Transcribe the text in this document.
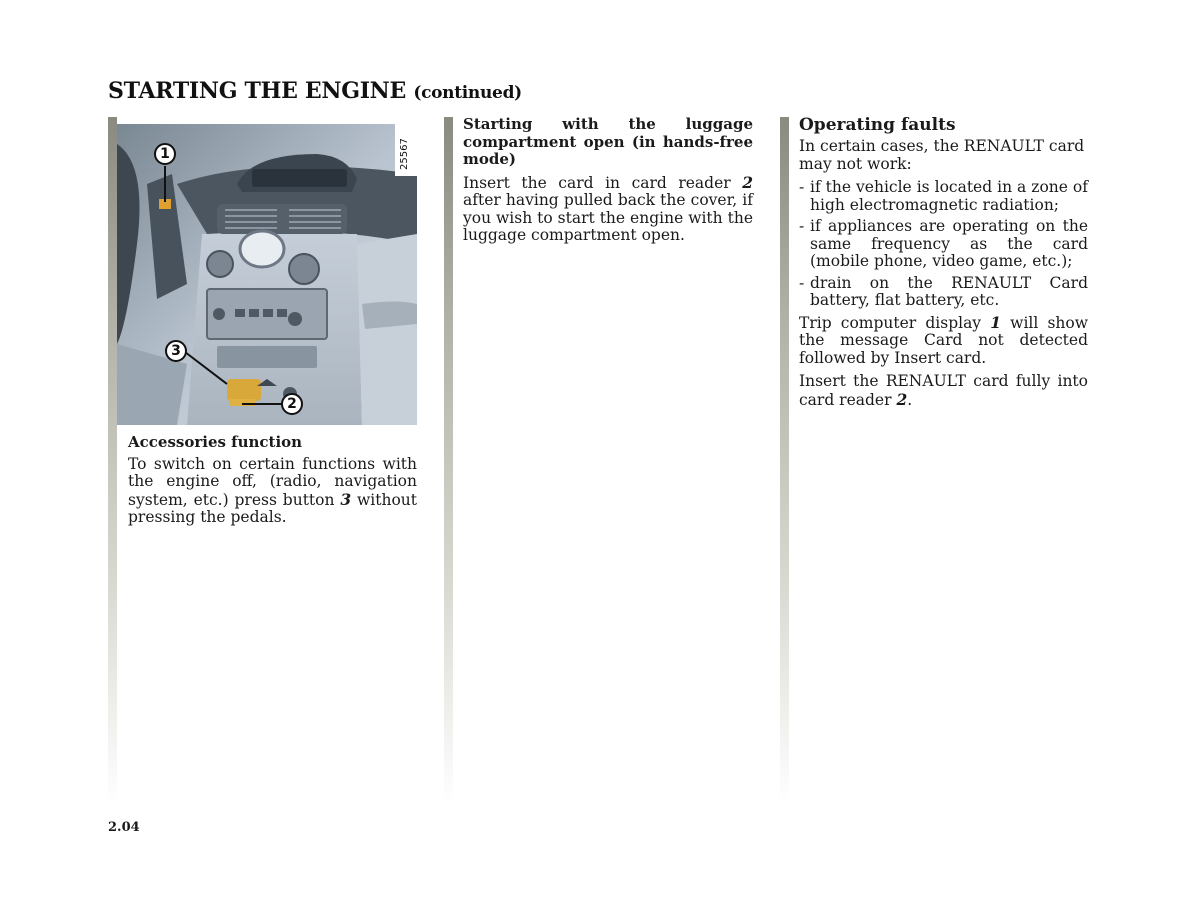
STARTING THE ENGINE (continued)
1
2
3
25567
Accessories function

To switch on certain functions with the engine off, (radio, navigation system, etc.) press button 3 without pressing the pedals.

Starting with the luggage compartment open (in hands-free mode)

Insert the card in card reader 2 after having pulled back the cover, if you wish to start the engine with the luggage compartment open.

Operating faults

In certain cases, the RENAULT card may not work:

- if the vehicle is located in a zone of high electromagnetic radiation;
- if appliances are operating on the same frequency as the card (mobile phone, video game, etc.);
- drain on the RENAULT Card battery, flat battery, etc.

Trip computer display 1 will show the message Card not detected followed by Insert card.

Insert the RENAULT card fully into card reader 2.

2.04
